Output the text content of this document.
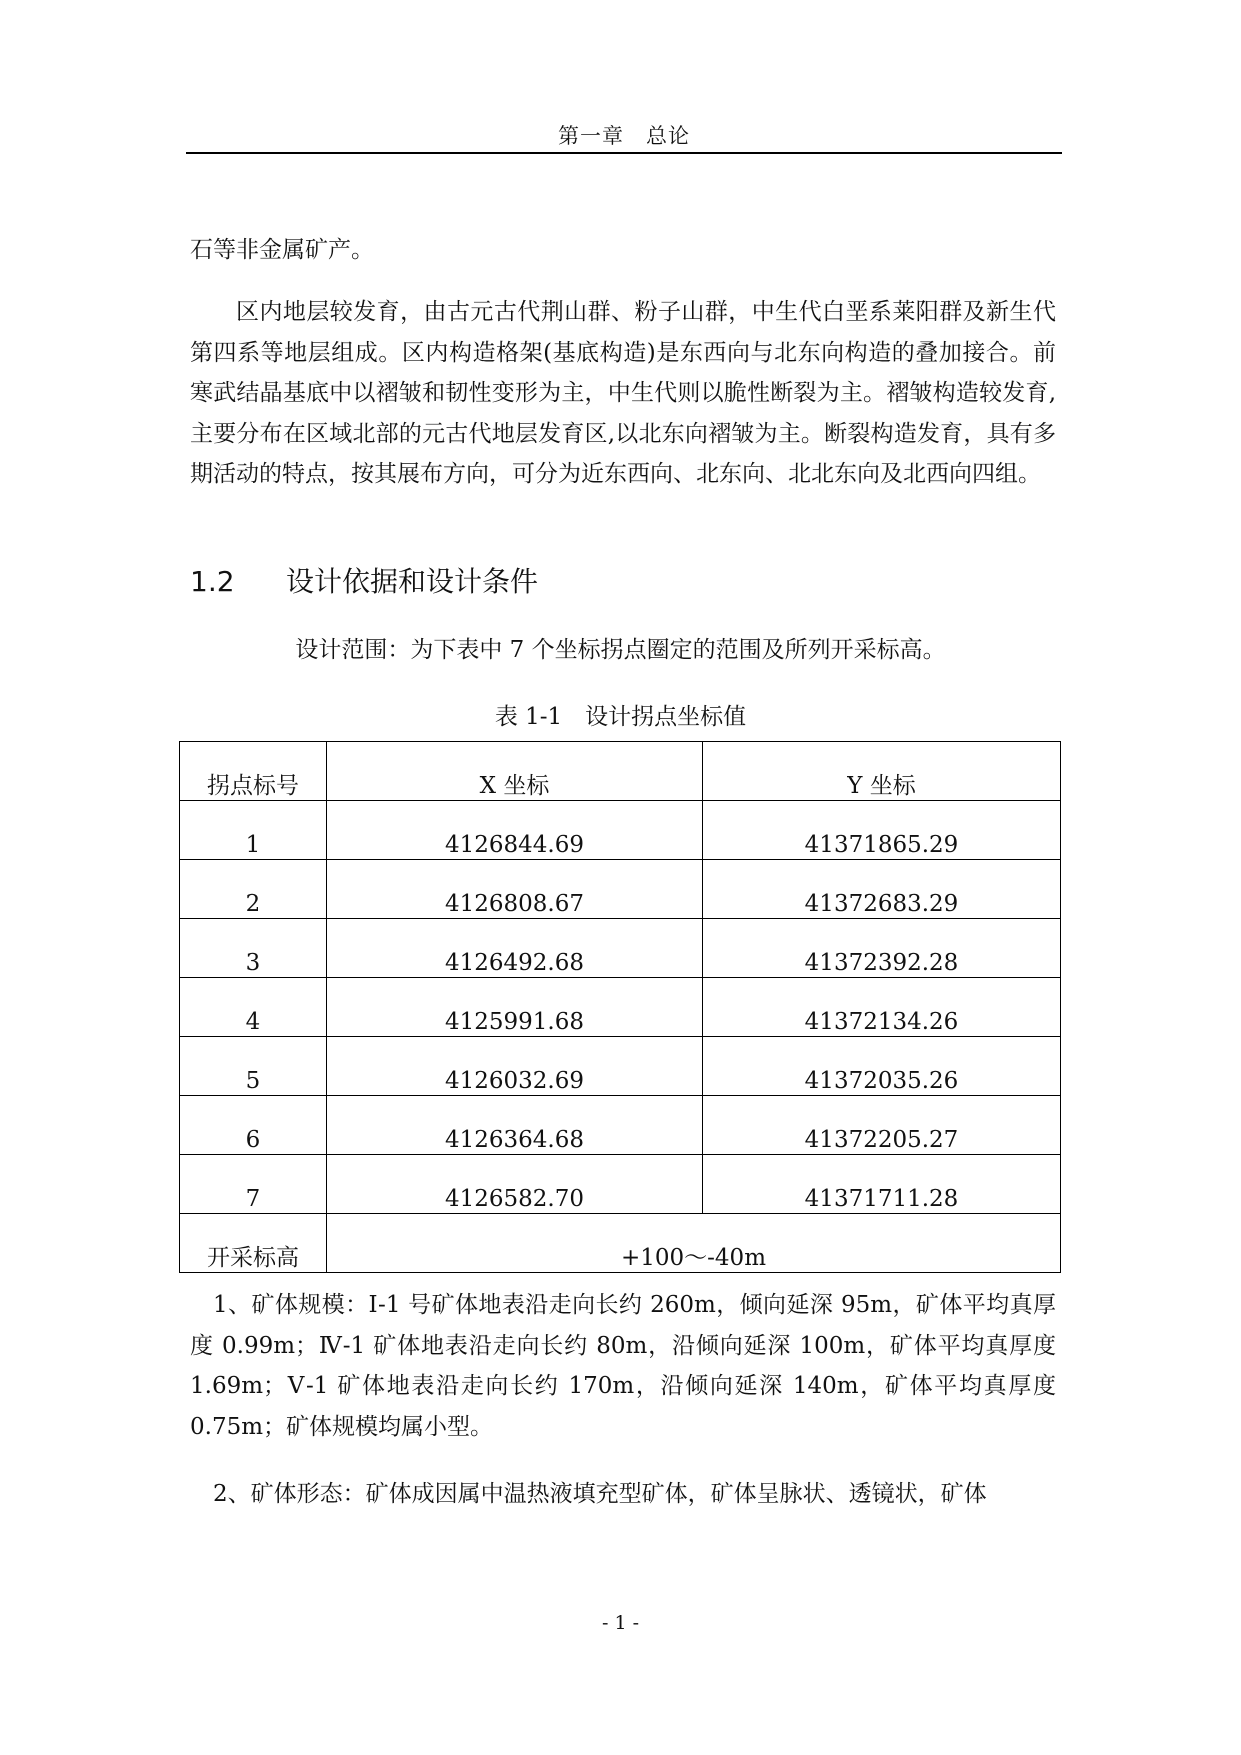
第一章　总论

石等非金属矿产。

区内地层较发育，由古元古代荆山群、粉子山群，中生代白垩系莱阳群及新生代第四系等地层组成。区内构造格架(基底构造)是东西向与北东向构造的叠加接合。前寒武结晶基底中以褶皱和韧性变形为主，中生代则以脆性断裂为主。褶皱构造较发育,主要分布在区域北部的元古代地层发育区,以北东向褶皱为主。断裂构造发育，具有多期活动的特点，按其展布方向，可分为近东西向、北东向、北北东向及北西向四组。

1.2 设计依据和设计条件
设计范围：为下表中 7 个坐标拐点圈定的范围及所列开采标高。
表 1-1　设计拐点坐标值
拐点标号	X 坐标	Y 坐标
1	4126844.69	41371865.29
2	4126808.67	41372683.29
3	4126492.68	41372392.28
4	4125991.68	41372134.26
5	4126032.69	41372035.26
6	4126364.68	41372205.27
7	4126582.70	41371711.28
开采标高	+100～-40m	

1、矿体规模：Ⅰ-1 号矿体地表沿走向长约 260m，倾向延深 95m，矿体平均真厚度 0.99m；Ⅳ-1 矿体地表沿走向长约 80m，沿倾向延深 100m，矿体平均真厚度 1.69m；Ⅴ-1 矿体地表沿走向长约 170m，沿倾向延深 140m，矿体平均真厚度 0.75m；矿体规模均属小型。

2、矿体形态：矿体成因属中温热液填充型矿体，矿体呈脉状、透镜状，矿体

- 1 -
